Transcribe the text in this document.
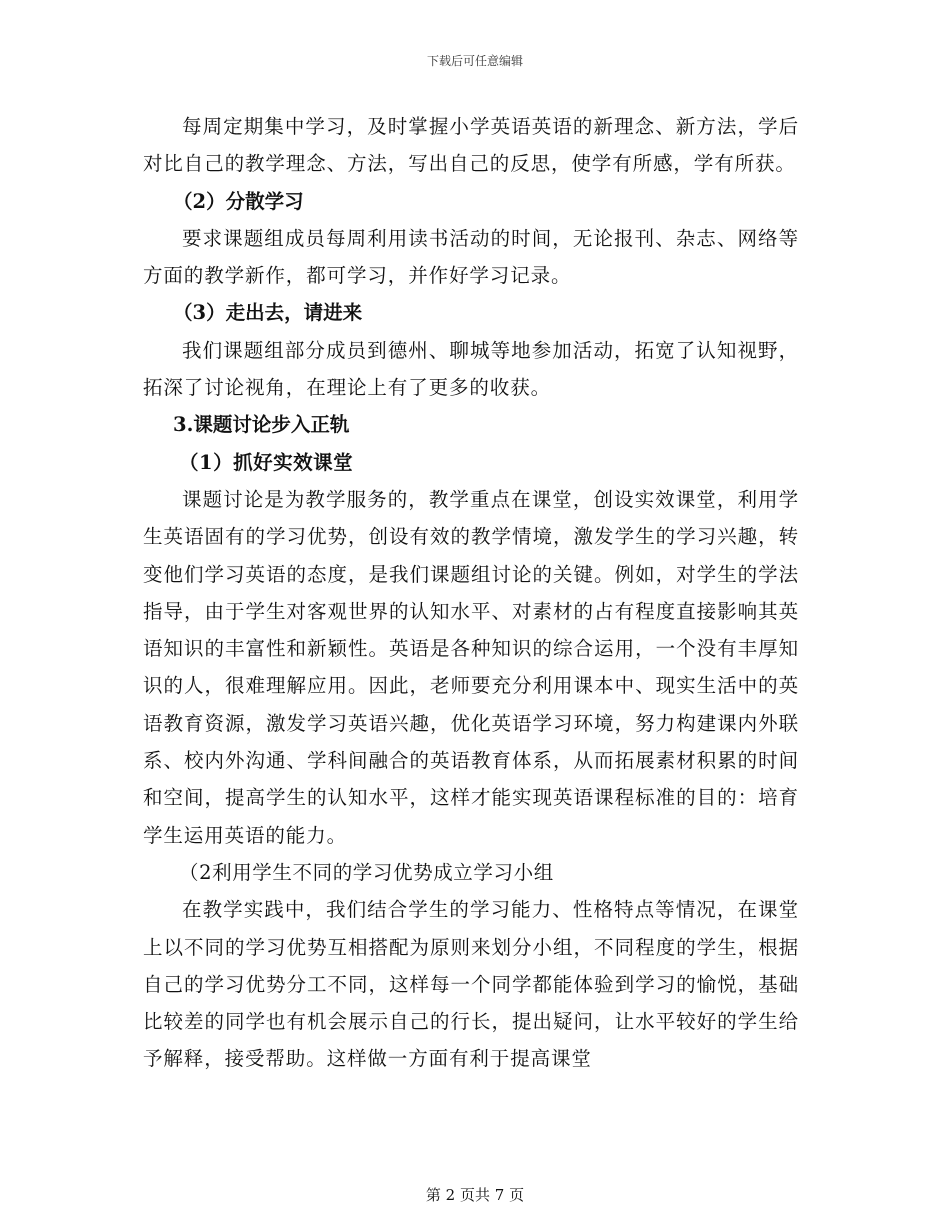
下载后可任意编辑

每周定期集中学习，及时掌握小学英语英语的新理念、新方法，学后对比自己的教学理念、方法，写出自己的反思，使学有所感，学有所获。

（2）分散学习

要求课题组成员每周利用读书活动的时间，无论报刊、杂志、网络等方面的教学新作，都可学习，并作好学习记录。

（3）走出去，请进来

我们课题组部分成员到德州、聊城等地参加活动，拓宽了认知视野，拓深了讨论视角，在理论上有了更多的收获。

3.课题讨论步入正轨

（1）抓好实效课堂

课题讨论是为教学服务的，教学重点在课堂，创设实效课堂，利用学生英语固有的学习优势，创设有效的教学情境，激发学生的学习兴趣，转变他们学习英语的态度，是我们课题组讨论的关键。例如，对学生的学法指导，由于学生对客观世界的认知水平、对素材的占有程度直接影响其英语知识的丰富性和新颖性。英语是各种知识的综合运用，一个没有丰厚知识的人，很难理解应用。因此，老师要充分利用课本中、现实生活中的英语教育资源，激发学习英语兴趣，优化英语学习环境，努力构建课内外联系、校内外沟通、学科间融合的英语教育体系，从而拓展素材积累的时间和空间，提高学生的认知水平，这样才能实现英语课程标准的目的：培育学生运用英语的能力。

（2利用学生不同的学习优势成立学习小组

在教学实践中，我们结合学生的学习能力、性格特点等情况，在课堂上以不同的学习优势互相搭配为原则来划分小组，不同程度的学生，根据自己的学习优势分工不同，这样每一个同学都能体验到学习的愉悦，基础比较差的同学也有机会展示自己的行长，提出疑问，让水平较好的学生给予解释，接受帮助。这样做一方面有利于提高课堂

第 2 页共 7 页
